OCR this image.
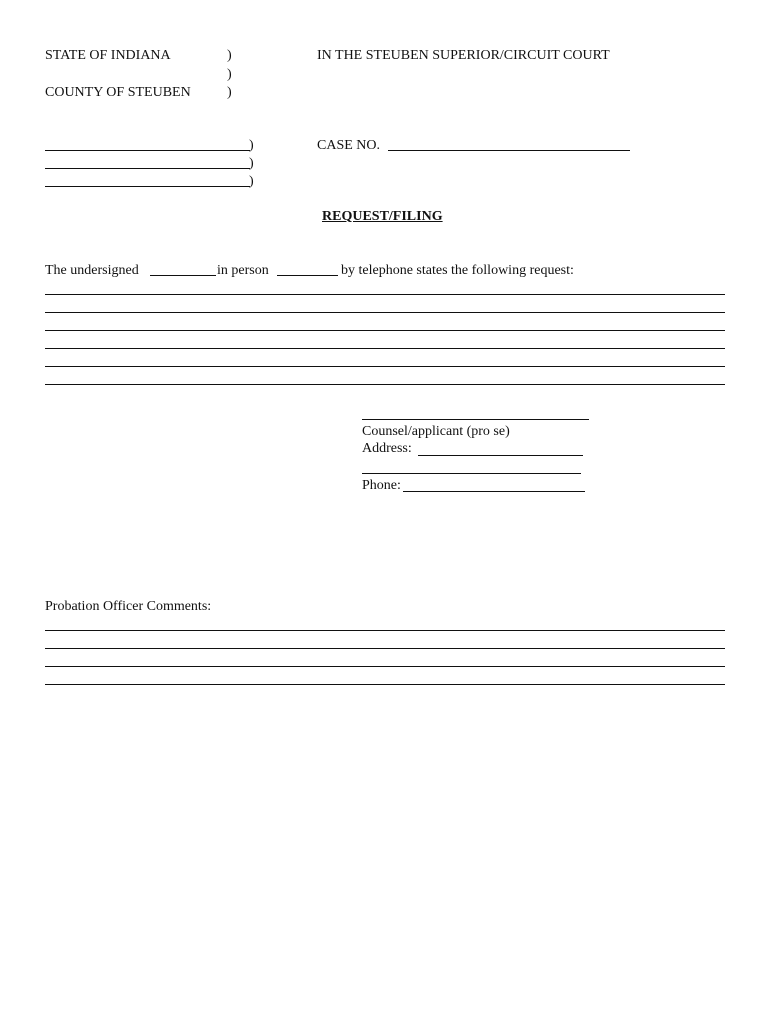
STATE OF INDIANA
COUNTY OF STEUBEN
)
)
)
IN THE STEUBEN SUPERIOR/CIRCUIT COURT
)
)
)
CASE NO.
REQUEST/FILING
The undersigned	in person	by telephone states the following request:
Counsel/applicant (pro se)
Address:
Phone:
Probation Officer Comments:
